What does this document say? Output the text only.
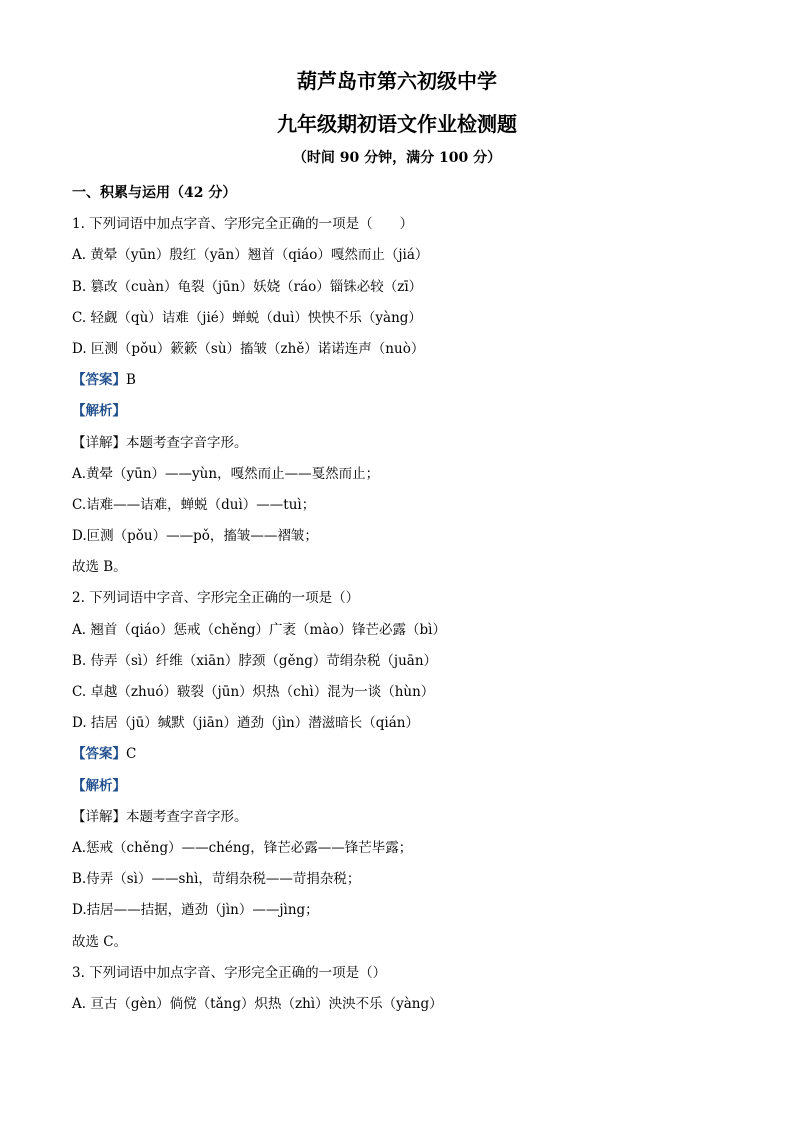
葫芦岛市第六初级中学
九年级期初语文作业检测题
（时间 90 分钟，满分 100 分）
一、积累与运用（42 分）
1. 下列词语中加点字音、字形完全正确的一项是（　　）
A. 黄晕（yūn）殷红（yān）翘首（qiáo）嘎然而止（jiá）
B. 篡改（cuàn）龟裂（jūn）妖娆（ráo）锱铢必较（zī）
C. 轻觑（qù）诘难（jié）蝉蜕（duì）怏怏不乐（yàng）
D. 叵测（pǒu）簌簌（sù）搐皱（zhě）诺诺连声（nuò）
【答案】B
【解析】
【详解】本题考查字音字形。
A.黄晕（yūn）——yùn，嘎然而止——戛然而止；
C.诘难——诘难，蝉蜕（duì）——tuì；
D.叵测（pǒu）——pǒ，搐皱——褶皱；
故选 B。
2. 下列词语中字音、字形完全正确的一项是（）
A. 翘首（qiáo）惩戒（chěng）广袤（mào）锋芒必露（bì）
B. 侍弄（sì）纤维（xiān）脖颈（gěng）苛绢杂税（juān）
C. 卓越（zhuó）皲裂（jūn）炽热（chì）混为一谈（hùn）
D. 拮居（jū）缄默（jiān）遒劲（jìn）潜滋暗长（qián）
【答案】C
【解析】
【详解】本题考查字音字形。
A.惩戒（chěng）——chéng，锋芒必露——锋芒毕露；
B.侍弄（sì）——shì，苛绢杂税——苛捐杂税；
D.拮居——拮据，遒劲（jìn）——jìng；
故选 C。
3. 下列词语中加点字音、字形完全正确的一项是（）
A. 亘古（gèn）倘傥（tǎng）炽热（zhì）泱泱不乐（yàng）
